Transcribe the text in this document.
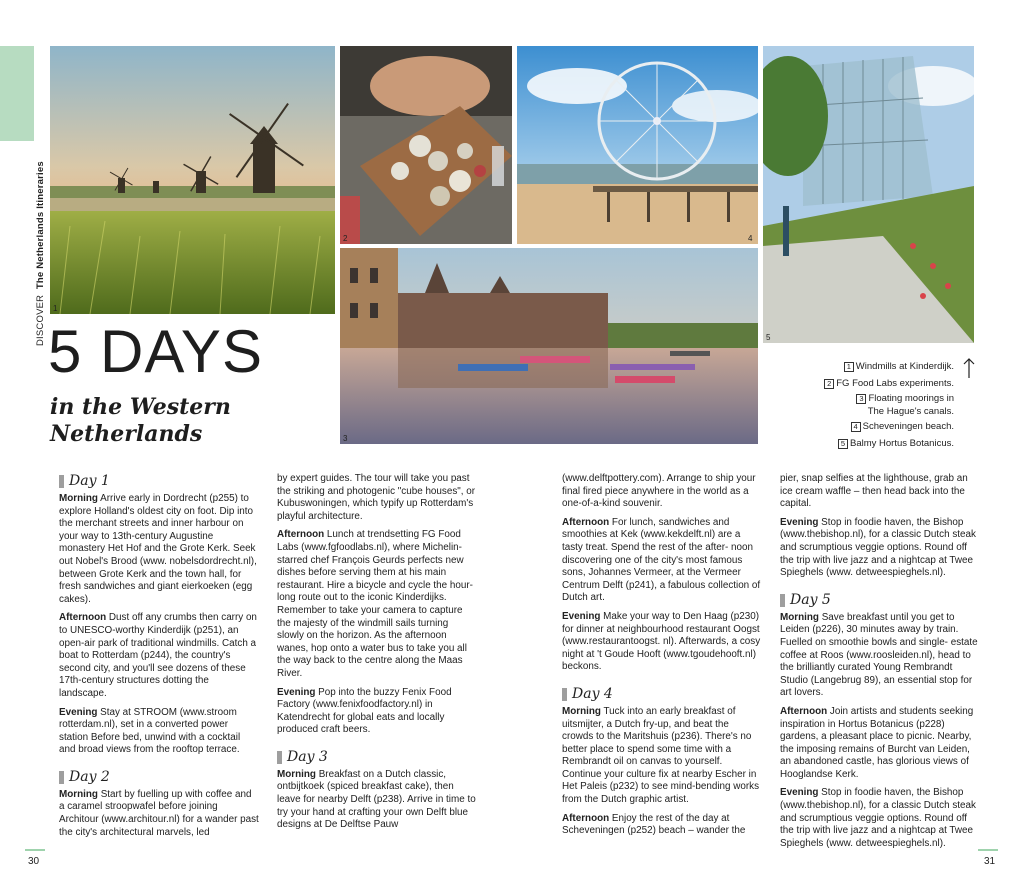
DISCOVER  The Netherlands Itineraries
1
2	4
5
3
5 DAYS
in the Western
Netherlands
1 Windmills at Kinderdijk.
2 FG Food Labs experiments.
3 Floating moorings in
The Hague's canals.
4 Scheveningen beach.
5 Balmy Hortus Botanicus.
Day 1

Morning Arrive early in Dordrecht (p255) to explore Holland's oldest city on foot. Dip into the merchant streets and inner harbour on your way to 13th-century Augustine monastery Het Hof and the Grote Kerk. Seek out Nobel's Brood (www. nobelsdordrecht.nl), between Grote Kerk and the town hall, for fresh sandwiches and giant eierkoeken (egg cakes).

Afternoon Dust off any crumbs then carry on to UNESCO-worthy Kinderdijk (p251), an open-air park of traditional windmills. Catch a boat to Rotterdam (p244), the country's second city, and you'll see dozens of these 17th-century structures dotting the landscape.

Evening Stay at STROOM (www.stroom rotterdam.nl), set in a converted power station Before bed, unwind with a cocktail and broad views from the rooftop terrace.

Day 2

Morning Start by fuelling up with coffee and a caramel stroopwafel before joining Architour (www.architour.nl) for a wander past the city's architectural marvels, led

by expert guides. The tour will take you past the striking and photogenic "cube houses", or Kubuswoningen, which typify up Rotterdam's playful architecture.

Afternoon Lunch at trendsetting FG Food Labs (www.fgfoodlabs.nl), where Michelin-starred chef François Geurds perfects new dishes before serving them at his main restaurant. Hire a bicycle and cycle the hour-long route out to the iconic Kinderdijks. Remember to take your camera to capture the majesty of the windmill sails turning slowly on the horizon. As the afternoon wanes, hop onto a water bus to take you all the way back to the centre along the Maas River.

Evening Pop into the buzzy Fenix Food Factory (www.fenixfoodfactory.nl) in Katendrecht for global eats and locally produced craft beers.

Day 3

Morning Breakfast on a Dutch classic, ontbijtkoek (spiced breakfast cake), then leave for nearby Delft (p238). Arrive in time to try your hand at crafting your own Delft blue designs at De Delftse Pauw

(www.delftpottery.com). Arrange to ship your final fired piece anywhere in the world as a one-of-a-kind souvenir.

Afternoon For lunch, sandwiches and smoothies at Kek (www.kekdelft.nl) are a tasty treat. Spend the rest of the after- noon discovering one of the city's most famous sons, Johannes Vermeer, at the Vermeer Centrum Delft (p241), a fabulous collection of Dutch art.

Evening Make your way to Den Haag (p230) for dinner at neighbourhood restaurant Oogst (www.restaurantoogst. nl). Afterwards, a cosy night at 't Goude Hooft (www.tgoudehooft.nl) beckons.

Day 4

Morning Tuck into an early breakfast of uitsmijter, a Dutch fry-up, and beat the crowds to the Maritshuis (p236). There's no better place to spend some time with a Rembrandt oil on canvas to yourself. Continue your culture fix at nearby Escher in Het Paleis (p232) to see mind-bending works from the Dutch graphic artist.

Afternoon Enjoy the rest of the day at Scheveningen (p252) beach – wander the

pier, snap selfies at the lighthouse, grab an ice cream waffle – then head back into the capital.

Evening Stop in foodie haven, the Bishop (www.thebishop.nl), for a classic Dutch steak and scrumptious veggie options. Round off the trip with live jazz and a nightcap at Twee Spieghels (www. detweespieghels.nl).

Day 5

Morning Save breakfast until you get to Leiden (p226), 30 minutes away by train. Fuelled on smoothie bowls and single- estate coffee at Roos (www.roosleiden.nl), head to the brilliantly curated Young Rembrandt Studio (Langebrug 89), an essential stop for art lovers.

Afternoon Join artists and students seeking inspiration in Hortus Botanicus (p228) gardens, a pleasant place to picnic. Nearby, the imposing remains of Burcht van Leiden, an abandoned castle, has glorious views of Hooglandse Kerk.

Evening Stop in foodie haven, the Bishop (www.thebishop.nl), for a classic Dutch steak and scrumptious veggie options. Round off the trip with live jazz and a nightcap at Twee Spieghels (www. detweespieghels.nl).

30	31
